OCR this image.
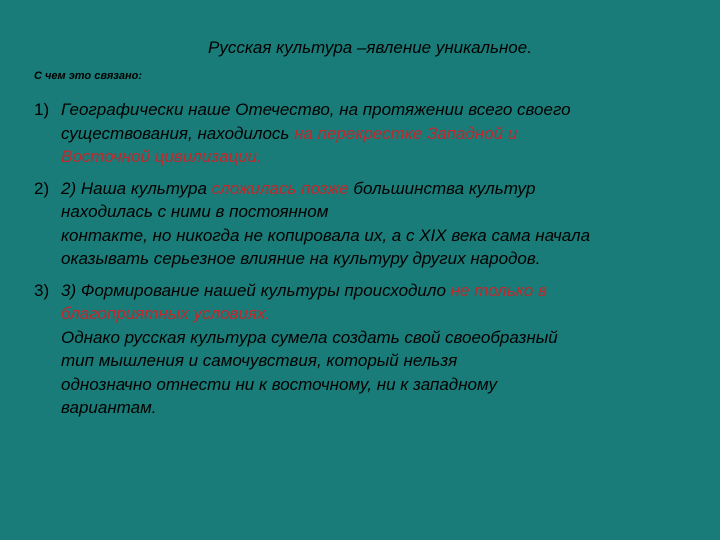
Русская культура –явление уникальное.

С чем это связано:

1) Географически наше Отечество, на протяжении всего своего
существования, находилось на перекрестке Западной и
Восточной цивилизации.
2) 2) Наша культура сложилась позже большинства культур
находилась с ними в постоянном
контакте, но никогда не копировала их, а с XIX века сама начала
оказывать серьезное влияние на культуру других народов.
3) 3) Формирование нашей культуры происходило не только в
благоприятных условиях.
Однако русская культура сумела создать свой своеобразный
тип мышления и самочувствия, который нельзя
однозначно отнести ни к восточному, ни к западному
вариантам.
